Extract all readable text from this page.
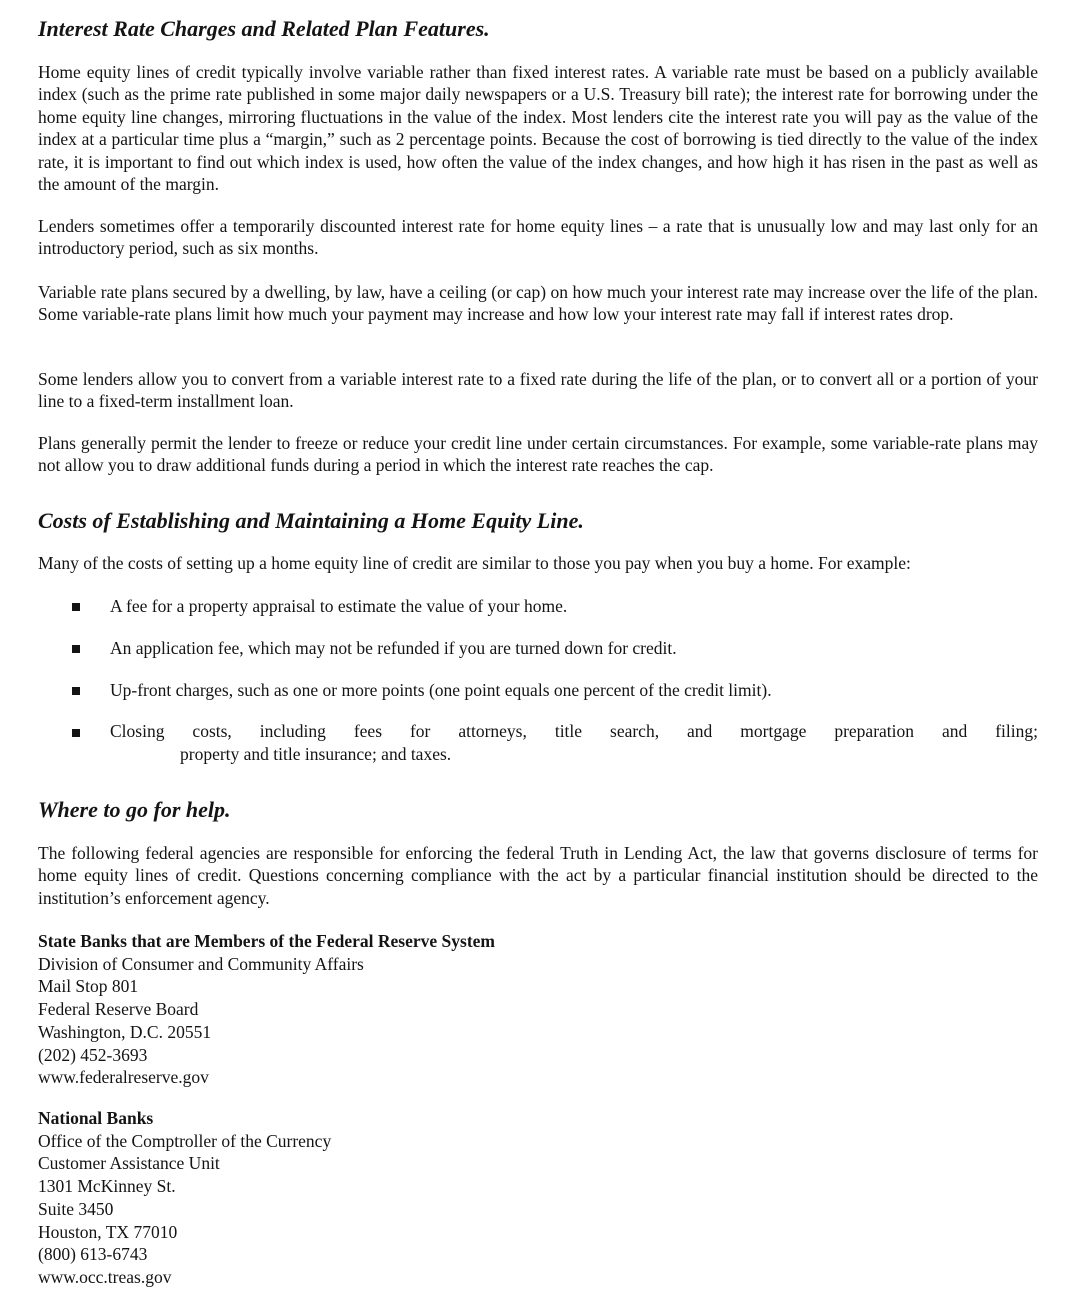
Interest Rate Charges and Related Plan Features.

Home equity lines of credit typically involve variable rather than fixed interest rates. A variable rate must be based on a publicly available index (such as the prime rate published in some major daily newspapers or a U.S. Treasury bill rate); the interest rate for borrowing under the home equity line changes, mirroring fluctuations in the value of the index. Most lenders cite the interest rate you will pay as the value of the index at a particular time plus a “margin,” such as 2 percentage points. Because the cost of borrowing is tied directly to the value of the index rate, it is important to find out which index is used, how often the value of the index changes, and how high it has risen in the past as well as the amount of the margin.

Lenders sometimes offer a temporarily discounted interest rate for home equity lines – a rate that is unusually low and may last only for an introductory period, such as six months.

Variable rate plans secured by a dwelling, by law, have a ceiling (or cap) on how much your interest rate may increase over the life of the plan. Some variable-rate plans limit how much your payment may increase and how low your interest rate may fall if interest rates drop.

Some lenders allow you to convert from a variable interest rate to a fixed rate during the life of the plan, or to convert all or a portion of your line to a fixed-term installment loan.

Plans generally permit the lender to freeze or reduce your credit line under certain circumstances. For example, some variable-rate plans may not allow you to draw additional funds during a period in which the interest rate reaches the cap.

Costs of Establishing and Maintaining a Home Equity Line.

Many of the costs of setting up a home equity line of credit are similar to those you pay when you buy a home. For example:

A fee for a property appraisal to estimate the value of your home.

An application fee, which may not be refunded if you are turned down for credit.

Up-front charges, such as one or more points (one point equals one percent of the credit limit).

Closing costs, including fees for attorneys, title search, and mortgage preparation and filing;
property and title insurance; and taxes.
Where to go for help.

The following federal agencies are responsible for enforcing the federal Truth in Lending Act, the law that governs disclosure of terms for home equity lines of credit. Questions concerning compliance with the act by a particular financial institution should be directed to the institution’s enforcement agency.

State Banks that are Members of the Federal Reserve System
Division of Consumer and Community Affairs
Mail Stop 801
Federal Reserve Board
Washington, D.C. 20551
(202) 452-3693
www.federalreserve.gov
National Banks
Office of the Comptroller of the Currency
Customer Assistance Unit
1301 McKinney St.
Suite 3450
Houston, TX 77010
(800) 613-6743
www.occ.treas.gov
